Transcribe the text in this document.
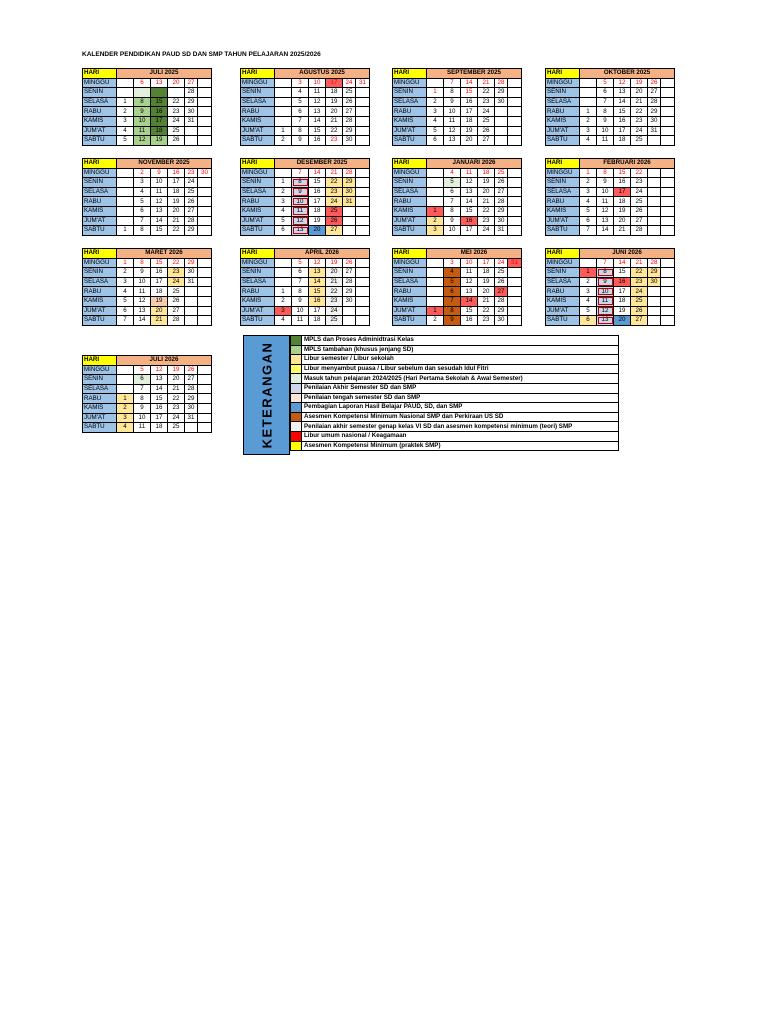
KALENDER PENDIDIKAN PAUD SD DAN SMP TAHUN PELAJARAN 2025/2026
HARI	JULI 2025					
MINGGU		6	13	20	27	
SENIN					28	
SELASA	1	8	15	22	29	
RABU	2	9	16	23	30	
KAMIS	3	10	17	24	31	
JUM'AT	4	11	18	25		
SABTU	5	12	19	26		
HARI	AGUSTUS 2025					
MINGGU		3	10	17	24	31
SENIN		4	11	18	25	
SELASA		5	12	19	26	
RABU		6	13	20	27	
KAMIS		7	14	21	28	
JUM'AT	1	8	15	22	29	
SABTU	2	9	16	23	30	
HARI	SEPTEMBER 2025					
MINGGU		7	14	21	28	
SENIN	1	8	15	22	29	
SELASA	2	9	16	23	30	
RABU	3	10	17	24		
KAMIS	4	11	18	25		
JUM'AT	5	12	19	26		
SABTU	6	13	20	27		
HARI	OKTOBER 2025					
MINGGU		5	12	19	26	
SENIN		6	13	20	27	
SELASA		7	14	21	28	
RABU	1	8	15	22	29	
KAMIS	2	9	16	23	30	
JUM'AT	3	10	17	24	31	
SABTU	4	11	18	25		
HARI	NOVEMBER 2025					
MINGGU		2	9	16	23	30
SENIN		3	10	17	24	
SELASA		4	11	18	25	
RABU		5	12	19	26	
KAMIS		6	13	20	27	
JUM'AT		7	14	21	28	
SABTU	1	8	15	22	29	
HARI	DESEMBER 2025					
MINGGU		7	14	21	28	
SENIN	1	8	15	22	29	
SELASA	2	9	16	23	30	
RABU	3	10	17	24	31	
KAMIS	4	11	18	25		
JUM'AT	5	12	19	26		
SABTU	6	13	20	27		
HARI	JANUARI 2026					
MINGGU		4	11	18	25	
SENIN		5	12	19	26	
SELASA		6	13	20	27	
RABU		7	14	21	28	
KAMIS	1	8	15	22	29	
JUM'AT	2	9	16	23	30	
SABTU	3	10	17	24	31	
HARI	FEBRUARI 2026					
MINGGU	1	8	15	22		
SENIN	2	9	16	23		
SELASA	3	10	17	24		
RABU	4	11	18	25		
KAMIS	5	12	19	26		
JUM'AT	6	13	20	27		
SABTU	7	14	21	28		
HARI	MARET 2026					
MINGGU	1	8	15	22	29	
SENIN	2	9	16	23	30	
SELASA	3	10	17	24	31	
RABU	4	11	18	25		
KAMIS	5	12	19	26		
JUM'AT	6	13	20	27		
SABTU	7	14	21	28		
HARI	APRIL 2026					
MINGGU		5	12	19	26	
SENIN		6	13	20	27	
SELASA		7	14	21	28	
RABU	1	8	15	22	29	
KAMIS	2	9	16	23	30	
JUM'AT	3	10	17	24		
SABTU	4	11	18	25		
HARI	MEI 2026					
MINGGU		3	10	17	24	31
SENIN		4	11	18	25	
SELASA		5	12	19	26	
RABU		6	13	20	27	
KAMIS		7	14	21	28	
JUM'AT	1	8	15	22	29	
SABTU	2	9	16	23	30	
HARI	JUNI 2026					
MINGGU		7	14	21	28	
SENIN	1	8	15	22	29	
SELASA	2	9	16	23	30	
RABU	3	10	17	24		
KAMIS	4	11	18	25		
JUM'AT	5	12	19	26		
SABTU	6	13	20	27		
HARI	JULI 2026					
MINGGU		5	12	19	26	
SENIN		6	13	20	27	
SELASA		7	14	21	28	
RABU	1	8	15	22	29	
KAMIS	2	9	16	23	30	
JUM'AT	3	10	17	24	31	
SABTU	4	11	18	25			KETERANGAN
	MPLS dan Proses Adminidtrasi Kelas
	MPLS tambahan (khusus jenjang SD)
	Libur semester / Libur sekolah
	Libur menyambut puasa / Libur sebelum dan sesudah Idul Fitri
	Masuk tahun pelajaran 2024/2025 (Hari Pertama Sekolah & Awal Semester)
	Penilaian Akhir Semester SD dan SMP
	Penilaian tengah semester SD dan SMP
	Pembagian Laporan Hasil Belajar PAUD, SD, dan SMP
	Asesmen Kompetensi Minimum Nasional SMP dan Perkiraan US SD
	Penilaian akhir semester genap kelas VI SD dan asesmen kompetensi minimum (teori) SMP
	Libur umum nasional / Keagamaan
	Asesmen Kompetensi Minimum (praktek SMP)
